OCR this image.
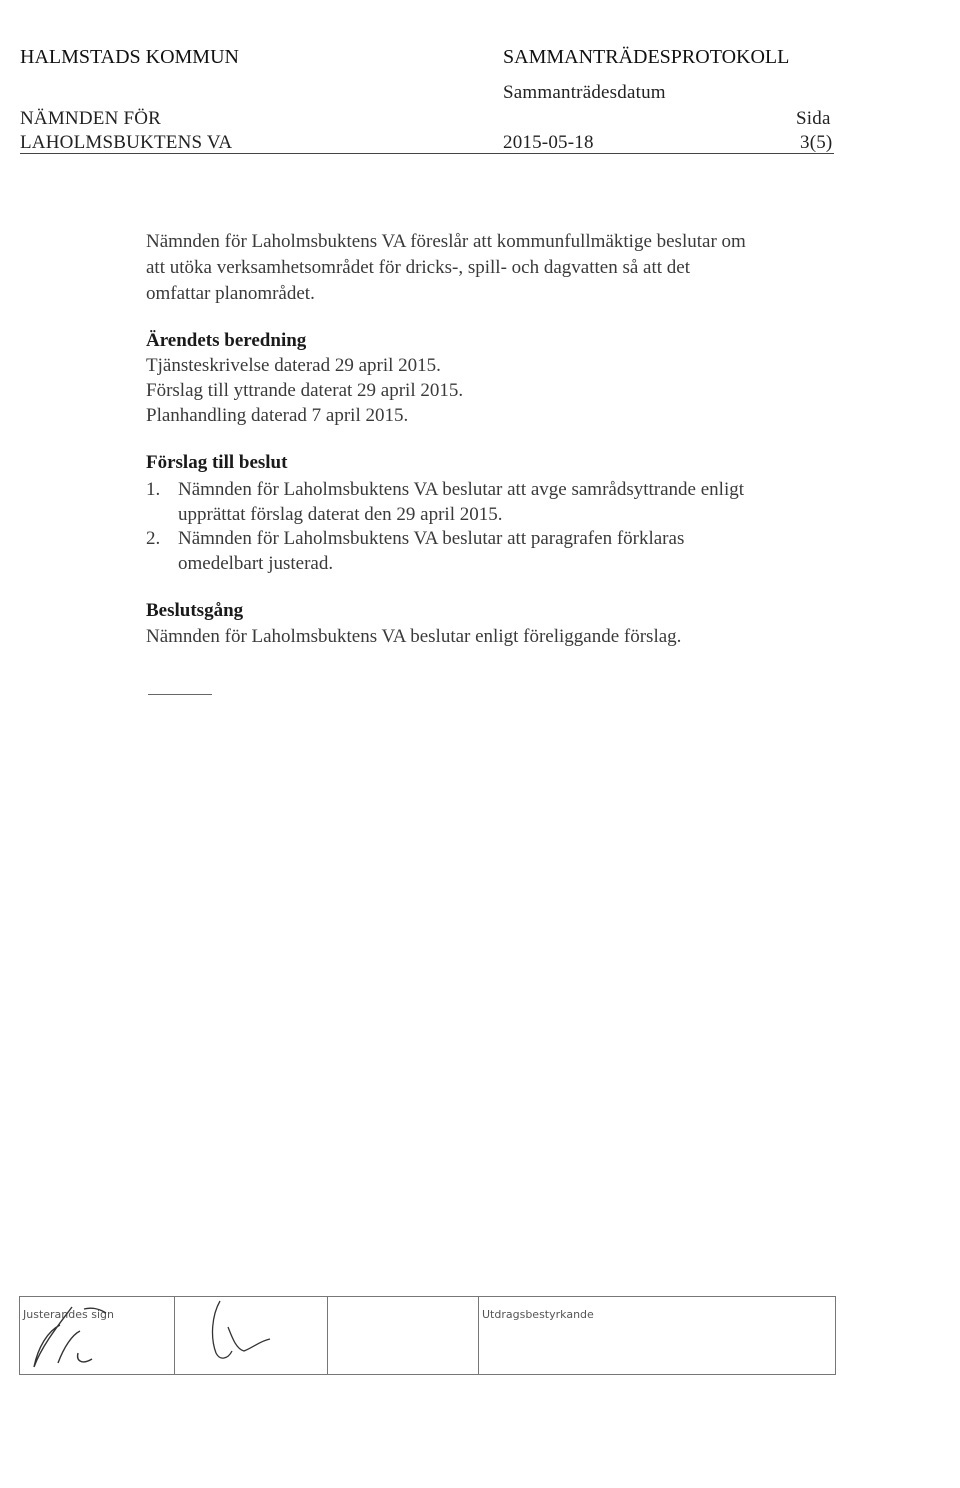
HALMSTADS KOMMUN	SAMMANTRÄDESPROTOKOLL
Sammanträdesdatum
NÄMNDEN FÖR	Sida
LAHOLMSBUKTENS VA	2015-05-18	3(5)
Nämnden för Laholmsbuktens VA föreslår att kommunfullmäktige beslutar om
att utöka verksamhetsområdet för dricks-, spill- och dagvatten så att det
omfattar planområdet.
Ärendets beredning
Tjänsteskrivelse daterad 29 april 2015.
Förslag till yttrande daterat 29 april 2015.
Planhandling daterad 7 april 2015.
Förslag till beslut
1. Nämnden för Laholmsbuktens VA beslutar att avge samrådsyttrande enligt
upprättat förslag daterat den 29 april 2015.
2. Nämnden för Laholmsbuktens VA beslutar att paragrafen förklaras
omedelbart justerad.
Beslutsgång
Nämnden för Laholmsbuktens VA beslutar enligt föreliggande förslag.
Justerandes sign	Utdragsbestyrkande
